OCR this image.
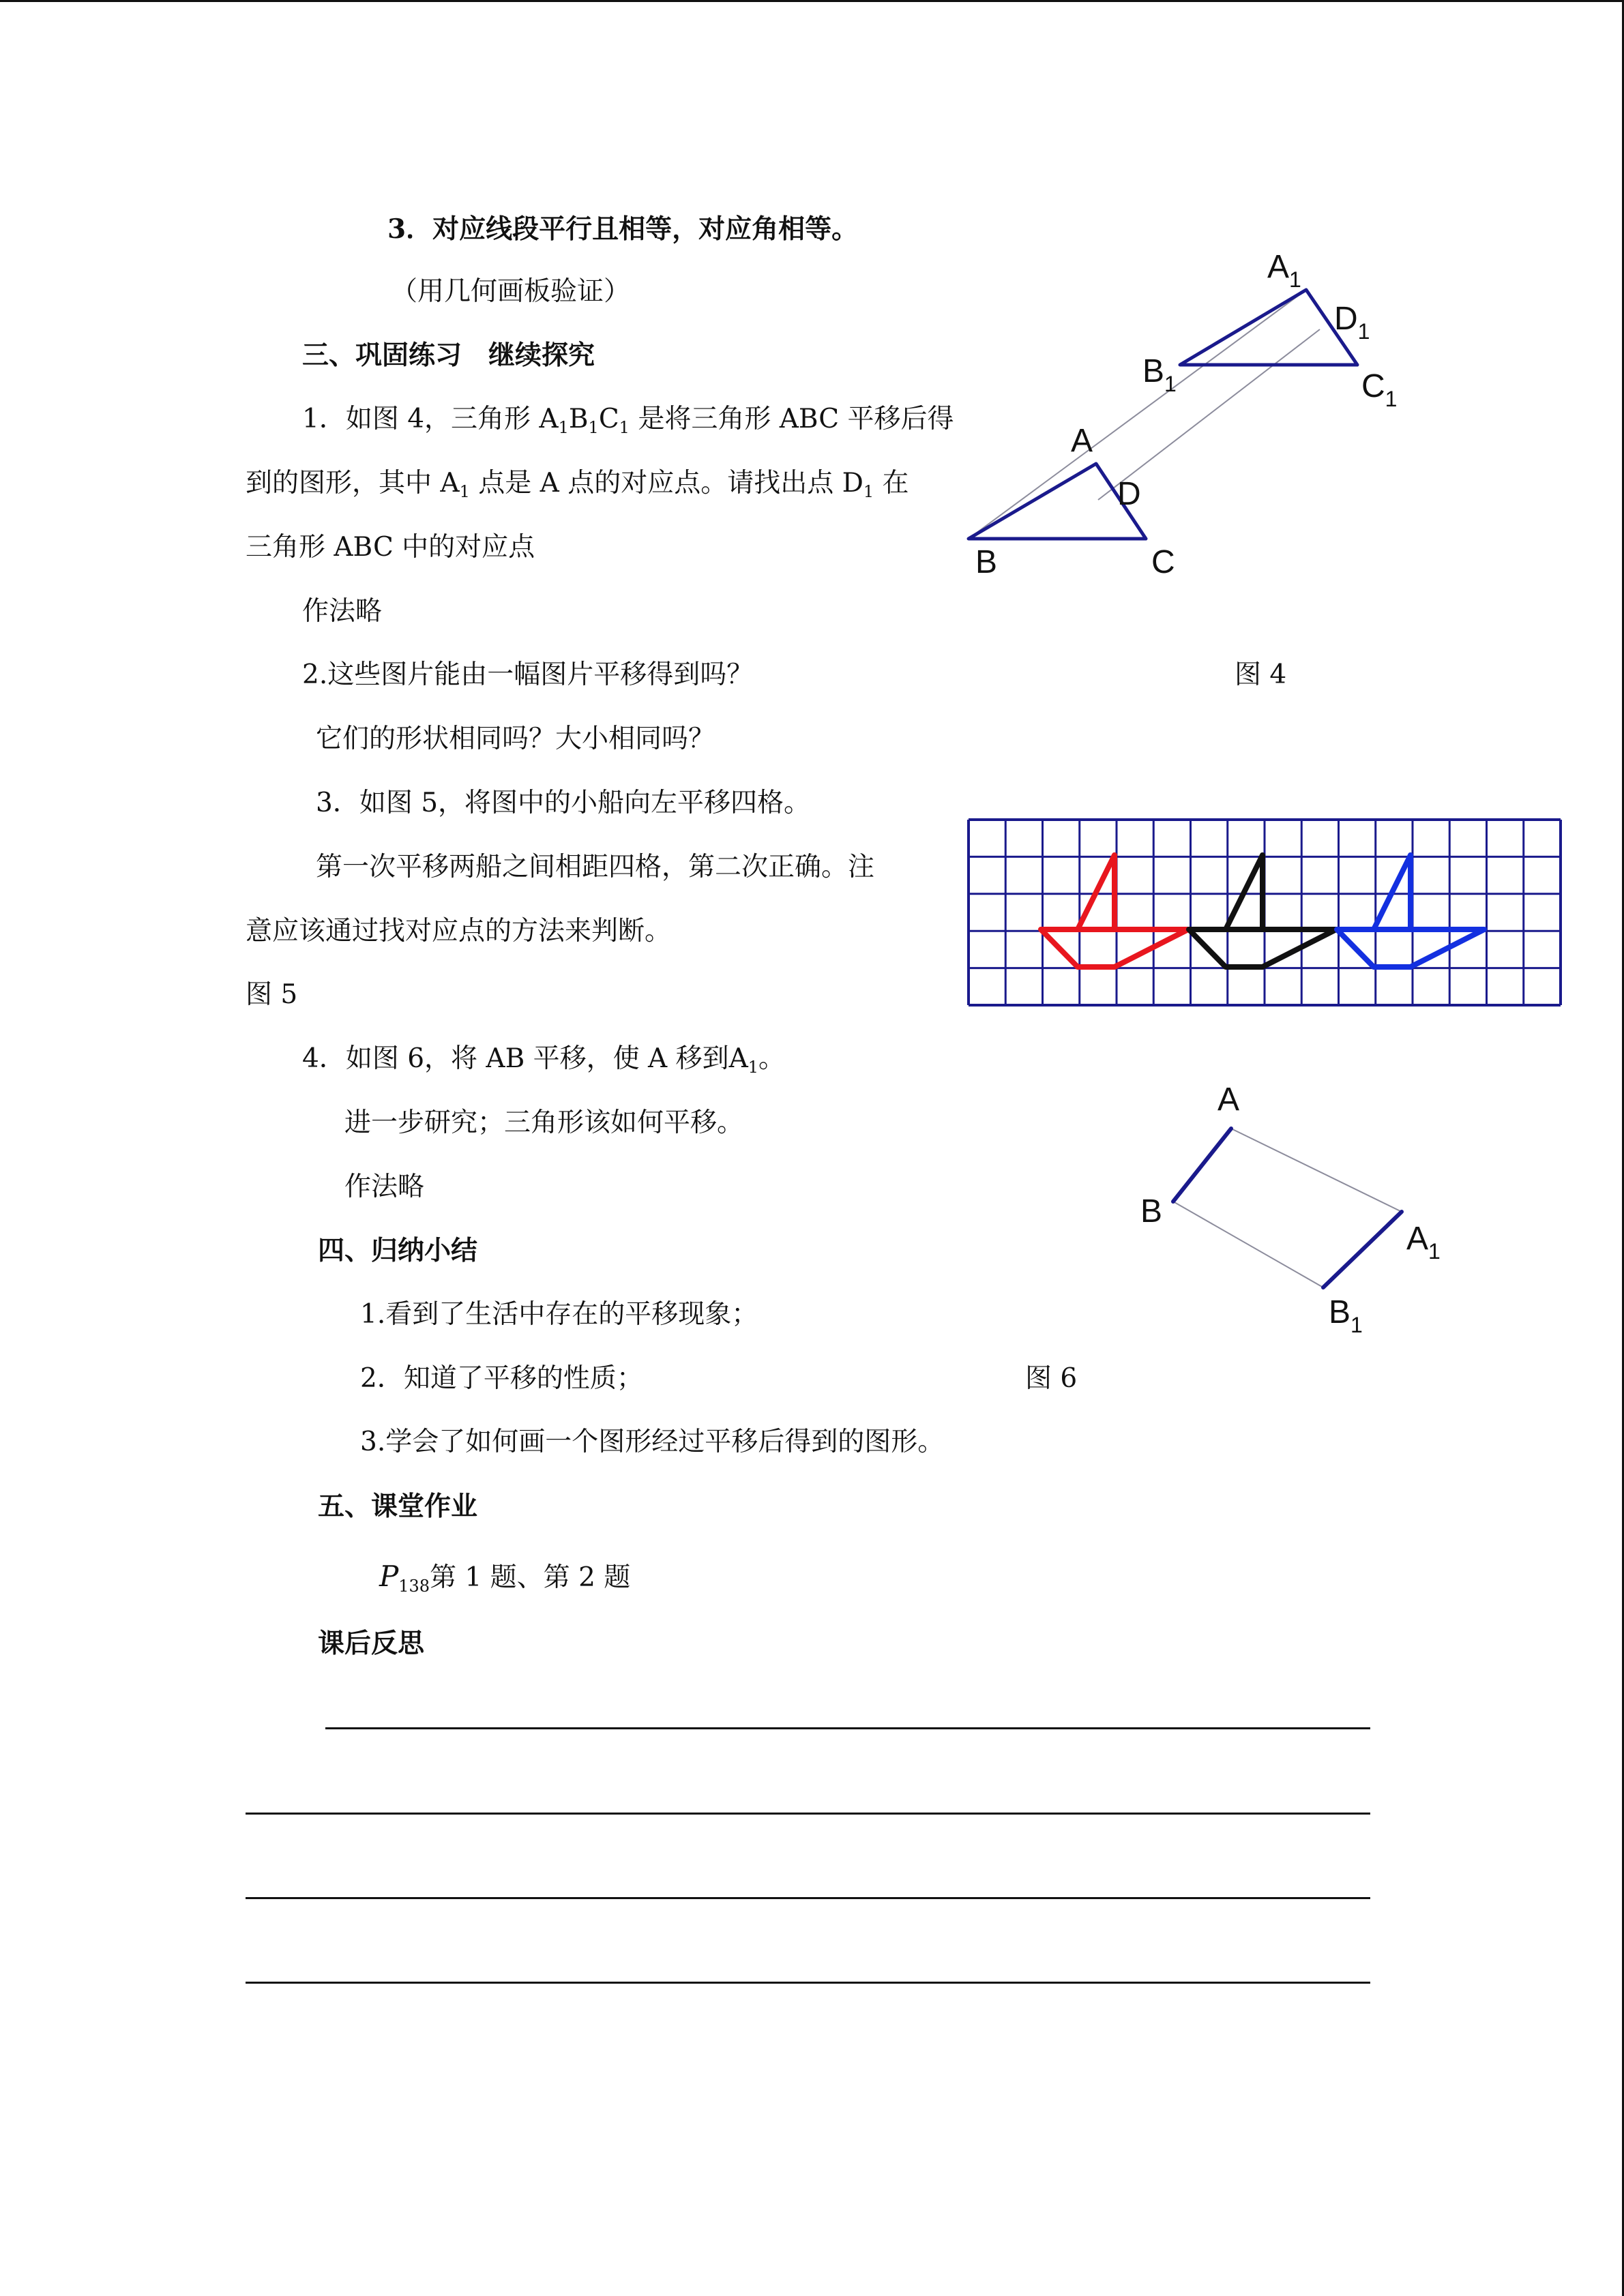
3．对应线段平行且相等，对应角相等。
（用几何画板验证）
三、巩固练习　继续探究
1．如图 4，三角形 $A_1B_1C_1$ 是将三角形 ABC 平移后得
到的图形，其中 $A_1$ 点是 A 点的对应点。请找出点 $D_1$ 在
三角形 ABC 中的对应点
作法略
2.这些图片能由一幅图片平移得到吗？
它们的形状相同吗？大小相同吗？
3．如图 5，将图中的小船向左平移四格。
第一次平移两船之间相距四格，第二次正确。注
意应该通过找对应点的方法来判断。
图 5
4．如图 6，将 AB 平移，使 A 移到$A_1$。
进一步研究；三角形该如何平移。
作法略
四、归纳小结
1.看到了生活中存在的平移现象；
2．知道了平移的性质；	图 6
3.学会了如何画一个图形经过平移后得到的图形。
五、课堂作业
$P_{138}$第 1 题、第 2 题
课后反思
$A_1$
$D_1$
$B_1$	$C_1$
A
D
B	C
图 4
A
B
$A_1$
$B_1$
